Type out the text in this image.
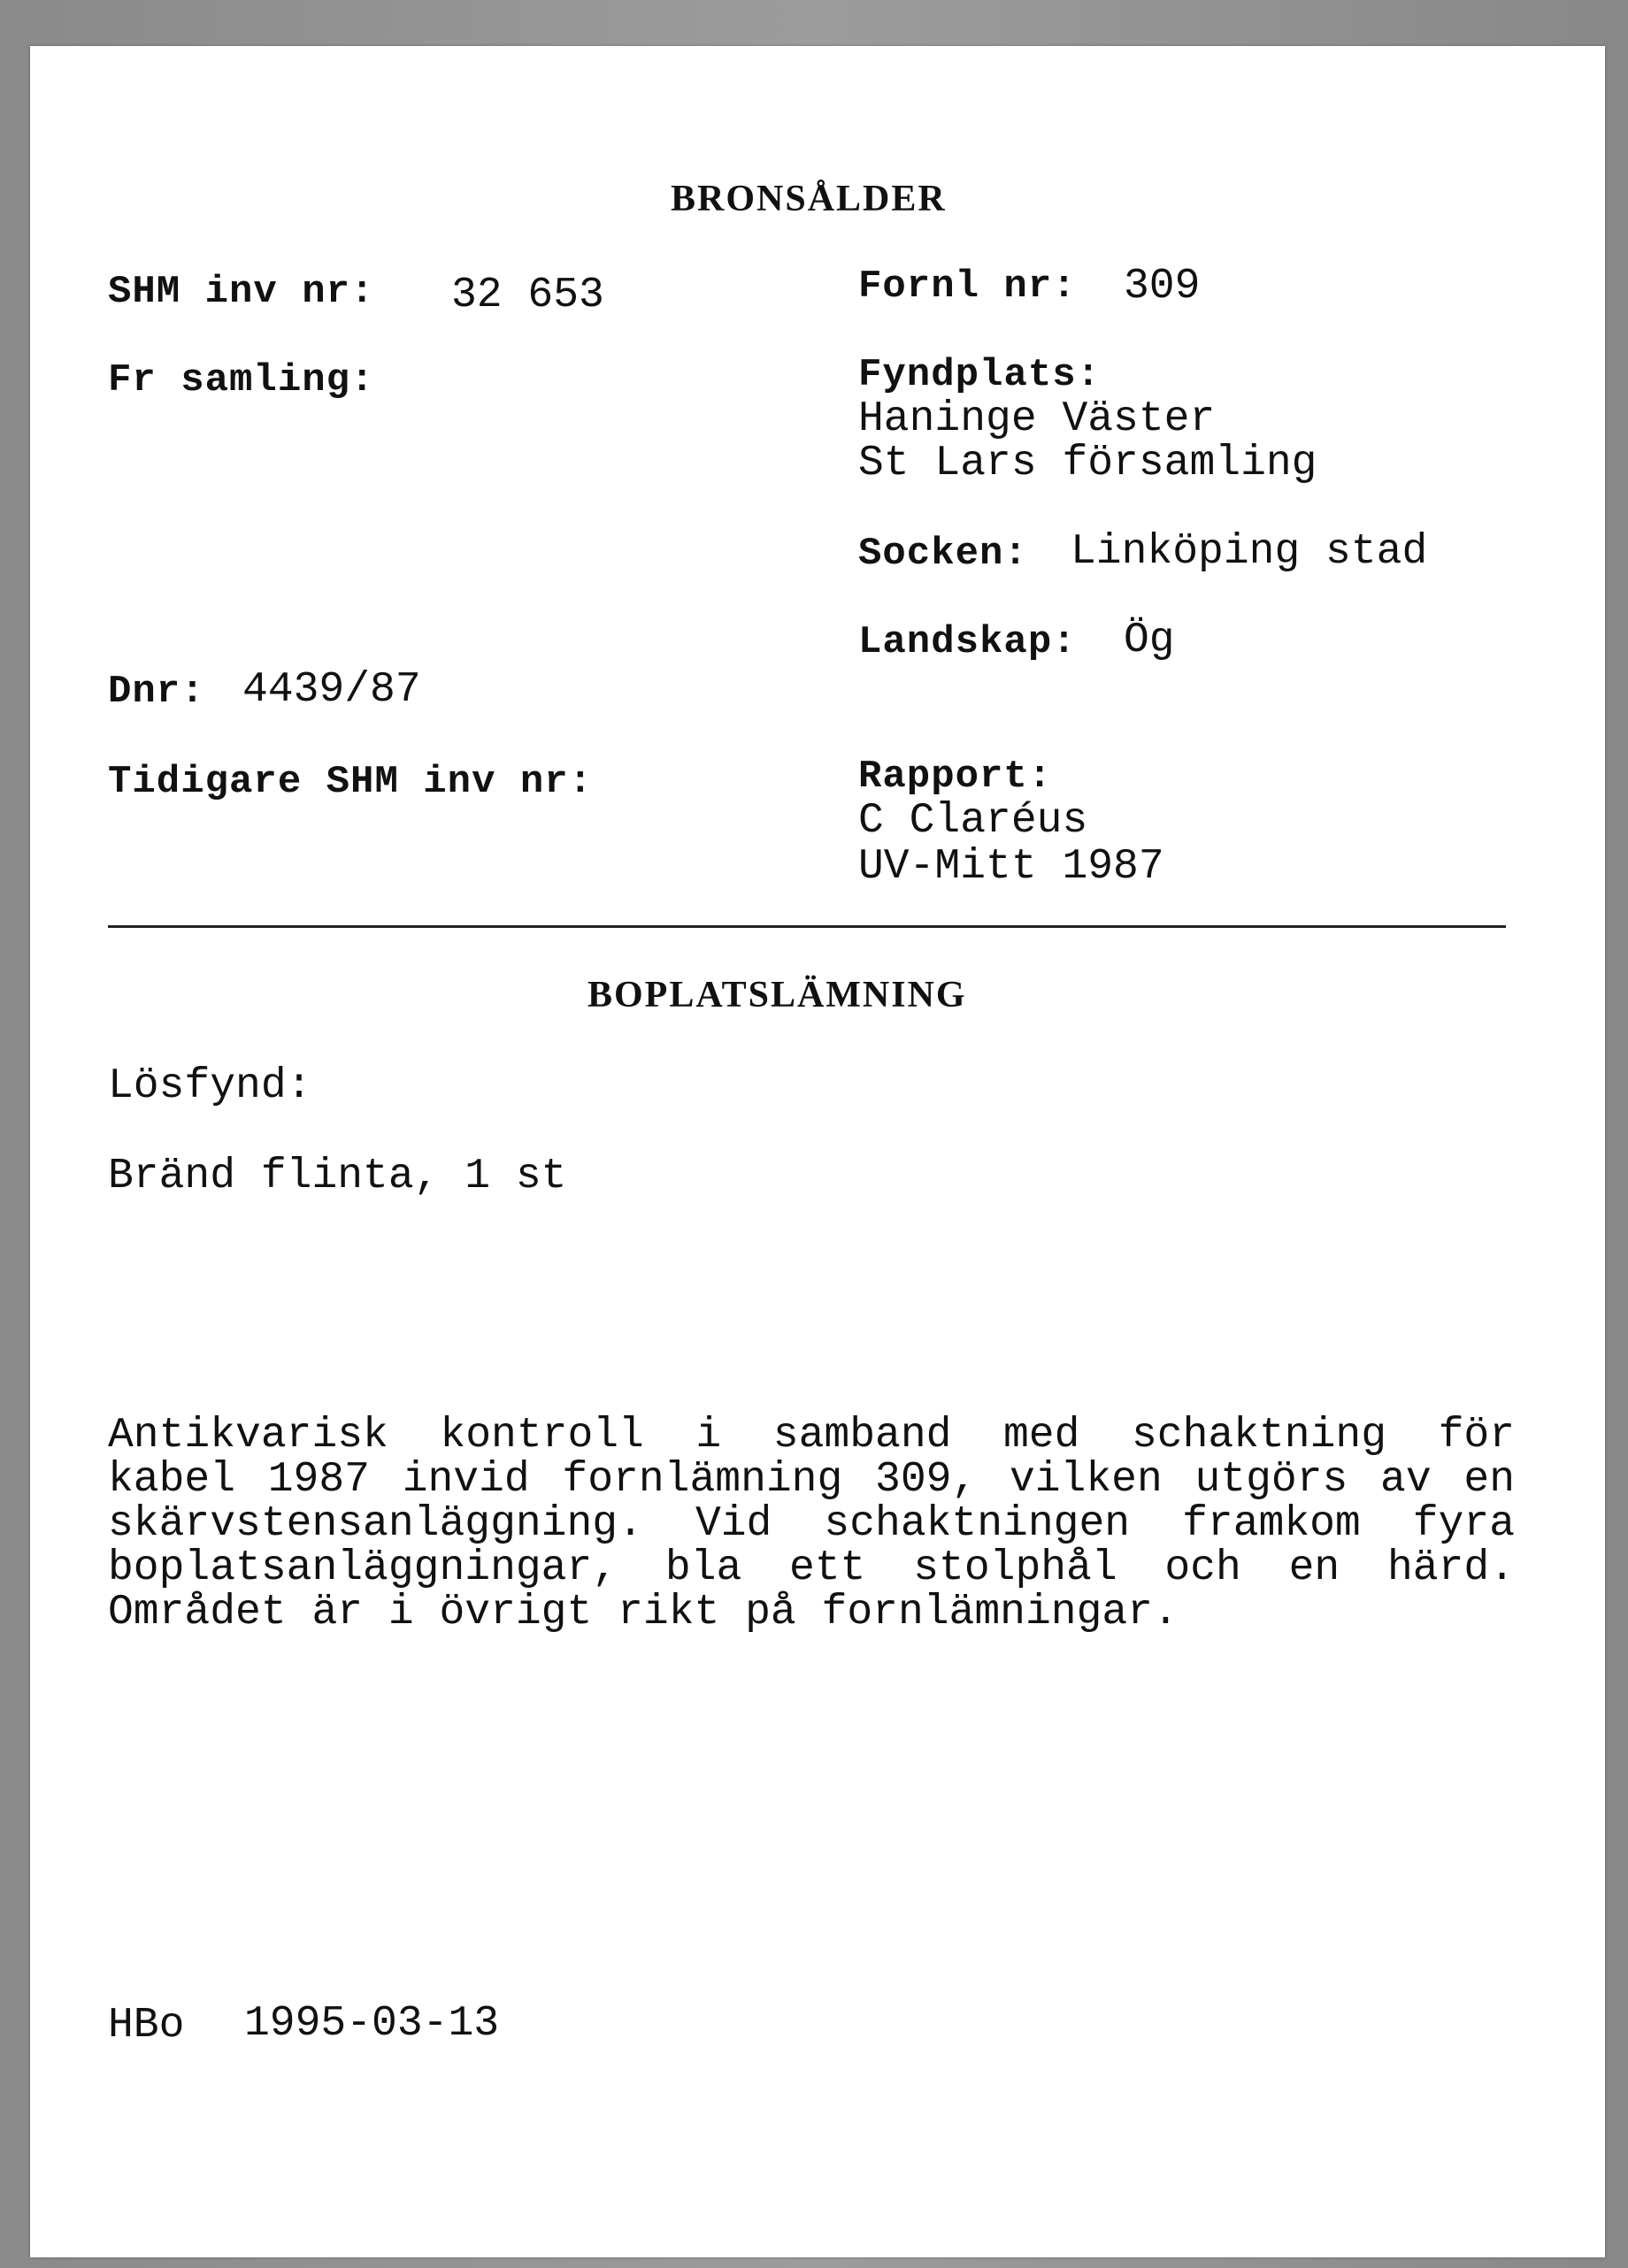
BRONSÅLDER
SHM inv nr: 32 653
Fr samling:
Dnr: 4439/87
Tidigare SHM inv nr:
Fornl nr: 309
Fyndplats:
Haninge Väster
St Lars församling
Socken: Linköping stad
Landskap: Ög
Rapport:
C Claréus
UV-Mitt 1987
BOPLATSLÄMNING
Lösfynd:
Bränd flinta, 1 st
Antikvarisk kontroll i samband med schaktning för
kabel 1987 invid fornlämning 309, vilken utgörs av en
skärvstensanläggning. Vid schaktningen framkom fyra
boplatsanläggningar, bla ett stolphål och en härd.
Området är i övrigt rikt på fornlämningar.
HBo 1995-03-13
